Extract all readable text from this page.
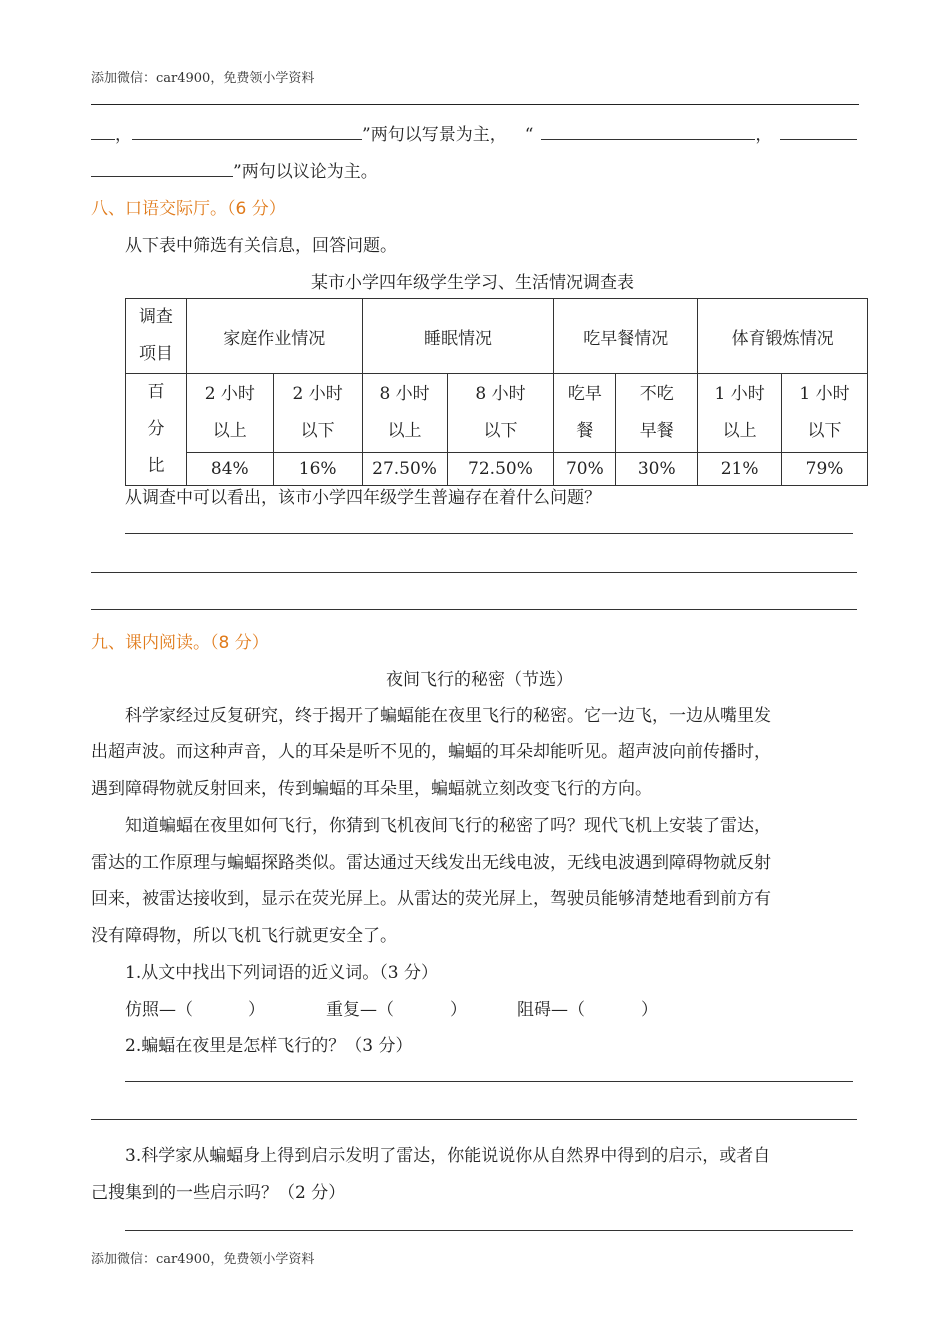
添加微信：car4900，免费领小学资料
，	”两句以写景为主， “	，
”两句以议论为主。
八、口语交际厅。（6 分）
从下表中筛选有关信息，回答问题。
某市小学四年级学生学习、生活情况调查表
调查
项目	家庭作业情况		睡眠情况		吃早餐情况		体育锻炼情况	

百
分
比	2 小时
以上	2 小时
以下	8 小时
以上	8 小时
以下	吃早
餐	不吃
早餐	1 小时
以上	1 小时
以下

	84%	16%	27.50%	72.50%	70%	30%	21%	79%
从调查中可以看出，该市小学四年级学生普遍存在着什么问题？
九、课内阅读。（8 分）
夜间飞行的秘密（节选）
科学家经过反复研究，终于揭开了蝙蝠能在夜里飞行的秘密。它一边飞，一边从嘴里发
出超声波。而这种声音，人的耳朵是听不见的，蝙蝠的耳朵却能听见。超声波向前传播时，
遇到障碍物就反射回来，传到蝙蝠的耳朵里，蝙蝠就立刻改变飞行的方向。
知道蝙蝠在夜里如何飞行，你猜到飞机夜间飞行的秘密了吗？现代飞机上安装了雷达，
雷达的工作原理与蝙蝠探路类似。雷达通过天线发出无线电波，无线电波遇到障碍物就反射
回来，被雷达接收到，显示在荧光屏上。从雷达的荧光屏上，驾驶员能够清楚地看到前方有
没有障碍物，所以飞机飞行就更安全了。
1.从文中找出下列词语的近义词。（3 分）
仿照—（	）	重复—（	）	阻碍—（	）
2.蝙蝠在夜里是怎样飞行的？（3 分）
3.科学家从蝙蝠身上得到启示发明了雷达，你能说说你从自然界中得到的启示，或者自
己搜集到的一些启示吗？（2 分）
添加微信：car4900，免费领小学资料
